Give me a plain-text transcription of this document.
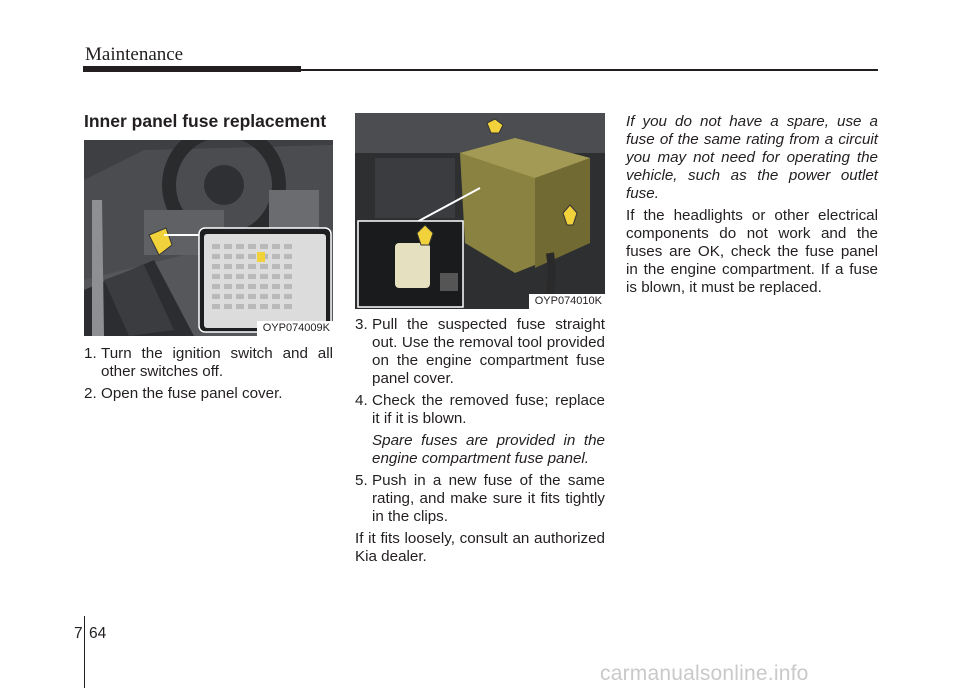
Maintenance
Inner panel fuse replacement
OYP074009K
1. Turn the ignition switch and all other switches off.
2. Open the fuse panel cover.
OYP074010K
3. Pull the suspected fuse straight out. Use the removal tool provided on the engine compartment fuse panel cover.
4. Check the removed fuse; replace it if it is blown.
Spare fuses are provided in the engine compartment fuse panel.
5. Push in a new fuse of the same rating, and make sure it fits tightly in the clips.
If it fits loosely, consult an authorized Kia dealer.
If you do not have a spare, use a fuse of the same rating from a circuit you may not need for operating the vehicle, such as the power outlet fuse.
If the headlights or other electrical components do not work and the fuses are OK, check the fuse panel in the engine compartment. If a fuse is blown, it must be replaced.
7 64
carmanualsonline.info
